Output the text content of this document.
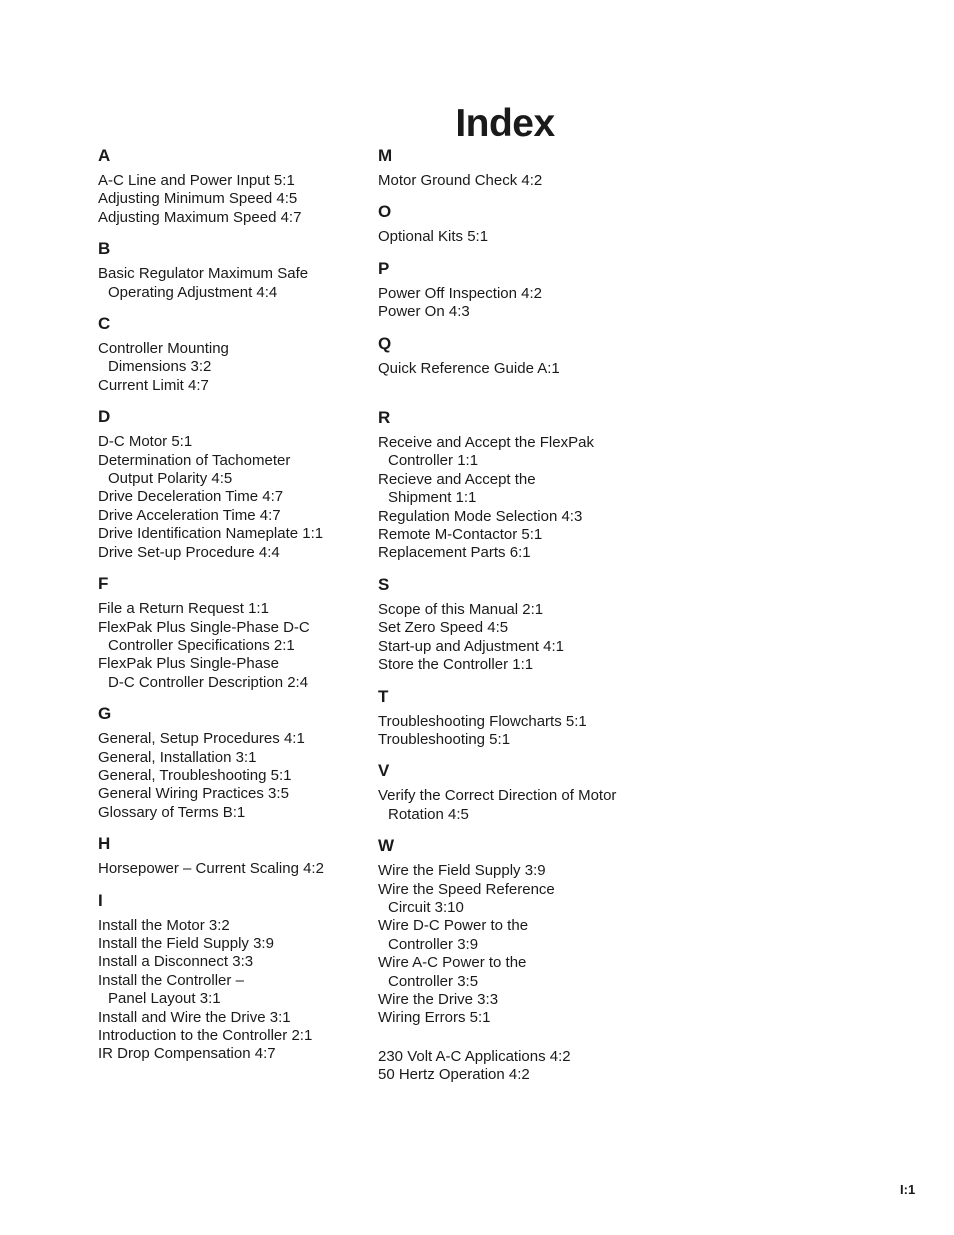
Index
A
A-C Line and Power Input 5:1
Adjusting Minimum Speed 4:5
Adjusting Maximum Speed 4:7
B
Basic Regulator Maximum Safe
Operating Adjustment 4:4
C
Controller Mounting
Dimensions 3:2
Current Limit 4:7
D
D-C Motor 5:1
Determination of Tachometer
Output Polarity 4:5
Drive Deceleration Time 4:7
Drive Acceleration Time 4:7
Drive Identification Nameplate 1:1
Drive Set-up Procedure 4:4
F
File a Return Request 1:1
FlexPak Plus Single-Phase D-C
Controller Specifications 2:1
FlexPak Plus Single-Phase
D-C Controller Description 2:4
G
General, Setup Procedures 4:1
General, Installation 3:1
General, Troubleshooting 5:1
General Wiring Practices 3:5
Glossary of Terms B:1
H
Horsepower – Current Scaling 4:2
I
Install the Motor 3:2
Install the Field Supply 3:9
Install a Disconnect 3:3
Install the Controller –
Panel Layout 3:1
Install and Wire the Drive 3:1
Introduction to the Controller 2:1
IR Drop Compensation 4:7
M
Motor Ground Check 4:2
O
Optional Kits 5:1
P
Power Off Inspection 4:2
Power On 4:3
Q
Quick Reference Guide A:1
R
Receive and Accept the FlexPak
Controller 1:1
Recieve and Accept the
Shipment 1:1
Regulation Mode Selection 4:3
Remote M-Contactor 5:1
Replacement Parts 6:1
S
Scope of this Manual 2:1
Set Zero Speed 4:5
Start-up and Adjustment 4:1
Store the Controller 1:1
T
Troubleshooting Flowcharts 5:1
Troubleshooting 5:1
V
Verify the Correct Direction of Motor
Rotation 4:5
W
Wire the Field Supply 3:9
Wire the Speed Reference
Circuit 3:10
Wire D-C Power to the
Controller 3:9
Wire A-C Power to the
Controller 3:5
Wire the Drive 3:3
Wiring Errors 5:1
230 Volt A-C Applications 4:2
50 Hertz Operation 4:2
I:1
